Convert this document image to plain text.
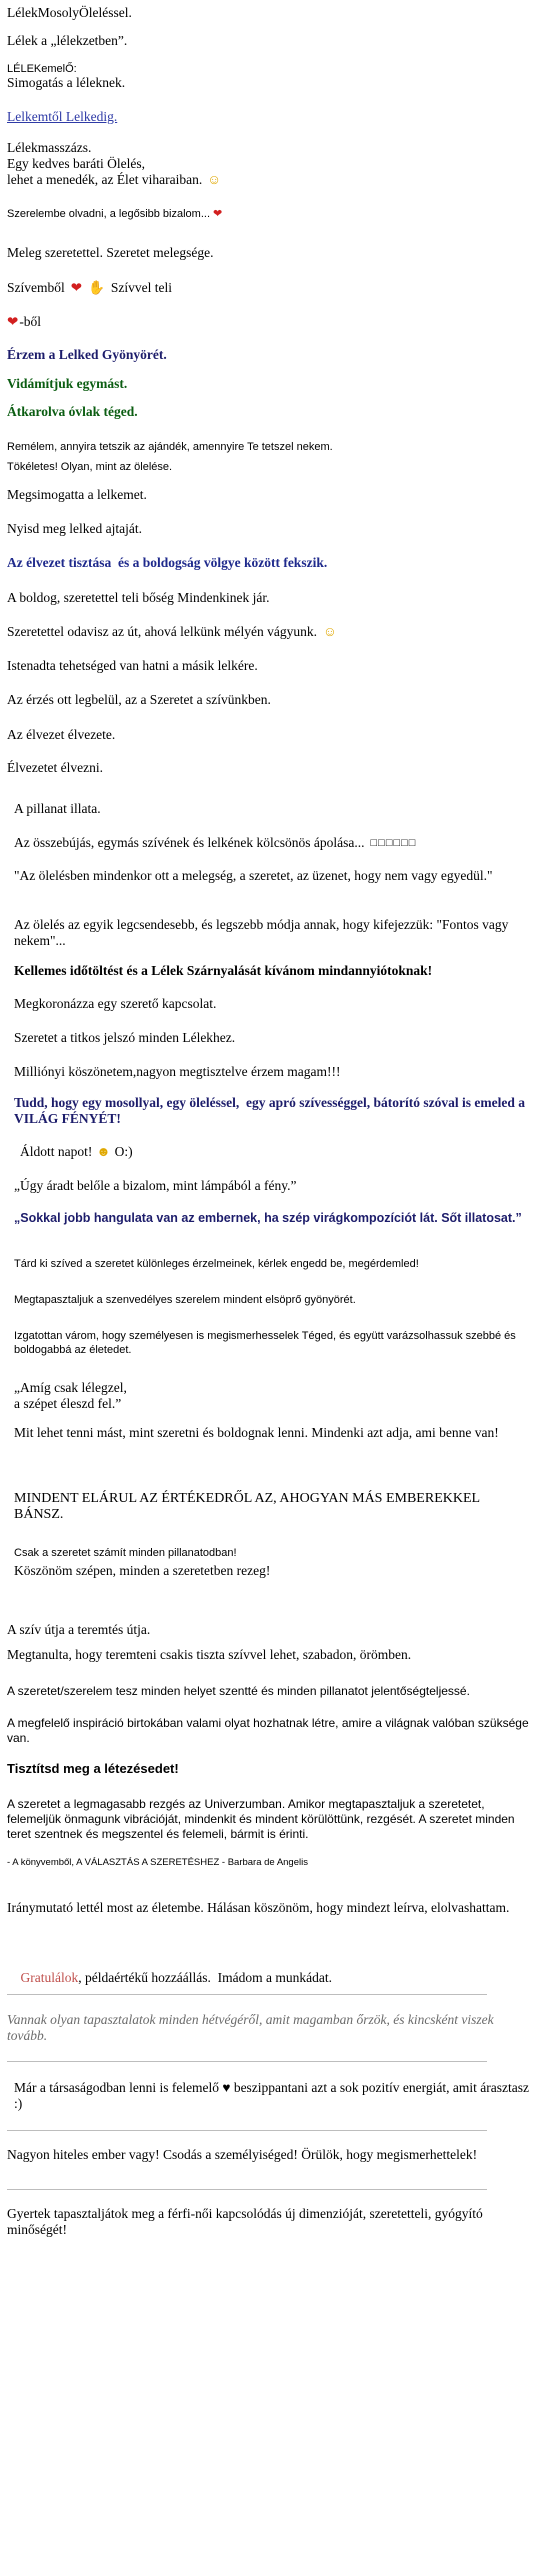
LélekMosolyÖleléssel.

Lélek a „lélekzetben”.

LÉLEKemelŐ:

Simogatás a léleknek.

Lelkemtől Lelkedig.

Lélekmasszázs.

Egy kedves baráti Ölelés,

lehet a menedék, az Élet viharaiban. ☺

Szerelembe olvadni, a legősibb bizalom... ❤

Meleg szeretettel. Szeretet melegsége.

Szívemből ❤ ✋ Szívvel teli

❤ -ből

Érzem a Lelked Gyönyörét.

Vidámítjuk egymást.

Átkarolva óvlak téged.

Remélem, annyira tetszik az ajándék, amennyire Te tetszel nekem.

Tökéletes! Olyan, mint az ölelése.

Megsimogatta a lelkemet.

Nyisd meg lelked ajtaját.

Az élvezet tisztása  és a boldogság völgye között fekszik.

A boldog, szeretettel teli bőség Mindenkinek jár.

Szeretettel odavisz az út, ahová lelkünk mélyén vágyunk. ☺

Istenadta tehetséged van hatni a másik lelkére.

Az érzés ott legbelül, az a Szeretet a szívünkben.

Az élvezet élvezete.

Élvezetet élvezni.

A pillanat illata.

Az összebújás, egymás szívének és lelkének kölcsönös ápolása... □□□□□□

"Az ölelésben mindenkor ott a melegség, a szeretet, az üzenet, hogy nem vagy egyedül."

Az ölelés az egyik legcsendesebb, és legszebb módja annak, hogy kifejezzük: "Fontos vagy nekem"...

Kellemes időtöltést és a Lélek Szárnyalását kívánom mindannyiótoknak!

Megkoronázza egy szerető kapcsolat.

Szeretet a titkos jelszó minden Lélekhez.

Milliónyi köszönetem,nagyon megtisztelve érzem magam!!!

Tudd, hogy egy mosollyal, egy öleléssel,  egy apró szívességgel, bátorító szóval is emeled a VILÁG FÉNYÉT!

Áldott napot! ☻ O:)

„Úgy áradt belőle a bizalom, mint lámpából a fény.”

„Sokkal jobb hangulata van az embernek, ha szép virágkompozíciót lát. Sőt illatosat.”

Tárd ki szíved a szeretet különleges érzelmeinek, kérlek engedd be, megérdemled!

Megtapasztaljuk a szenvedélyes szerelem mindent elsöprő gyönyörét.

Izgatottan várom, hogy személyesen is megismerhesselek Téged, és együtt varázsolhassuk szebbé és boldogabbá az életedet.

„Amíg csak lélegzel,

a szépet éleszd fel.”

Mit lehet tenni mást, mint szeretni és boldognak lenni. Mindenki azt adja, ami benne van!

MINDENT ELÁRUL AZ ÉRTÉKEDRŐL AZ, AHOGYAN MÁS EMBEREKKEL BÁNSZ.

Csak a szeretet számít minden pillanatodban!

Köszönöm szépen, minden a szeretetben rezeg!

A szív útja a teremtés útja.

Megtanulta, hogy teremteni csakis tiszta szívvel lehet, szabadon, örömben.

A szeretet/szerelem tesz minden helyet szentté és minden pillanatot jelentőségteljessé.

A megfelelő inspiráció birtokában valami olyat hozhatnak létre, amire a világnak valóban szüksége van.

Tisztítsd meg a létezésedet!

A szeretet a legmagasabb rezgés az Univerzumban. Amikor megtapasztaljuk a szeretetet, felemeljük önmagunk vibrációját, mindenkit és mindent körülöttünk, rezgését. A szeretet minden teret szentnek és megszentel és felemeli, bármit is érinti.

- A könyvemből, A VÁLASZTÁS A SZERETÉSHEZ - Barbara de Angelis

Iránymutató lettél most az életembe. Hálásan köszönöm, hogy mindezt leírva, elolvashattam.

Gratulálok, példaértékű hozzáállás.  Imádom a munkádat.

Vannak olyan tapasztalatok minden hétvégéről, amit magamban őrzök, és kincsként viszek tovább.

Már a társaságodban lenni is felemelő ♥ beszippantani azt a sok pozitív energiát, amit árasztasz :)

Nagyon hiteles ember vagy! Csodás a személyiséged! Örülök, hogy megismerhettelek!

Gyertek tapasztaljátok meg a férfi-női kapcsolódás új dimenzióját, szeretetteli, gyógyító minőségét!
